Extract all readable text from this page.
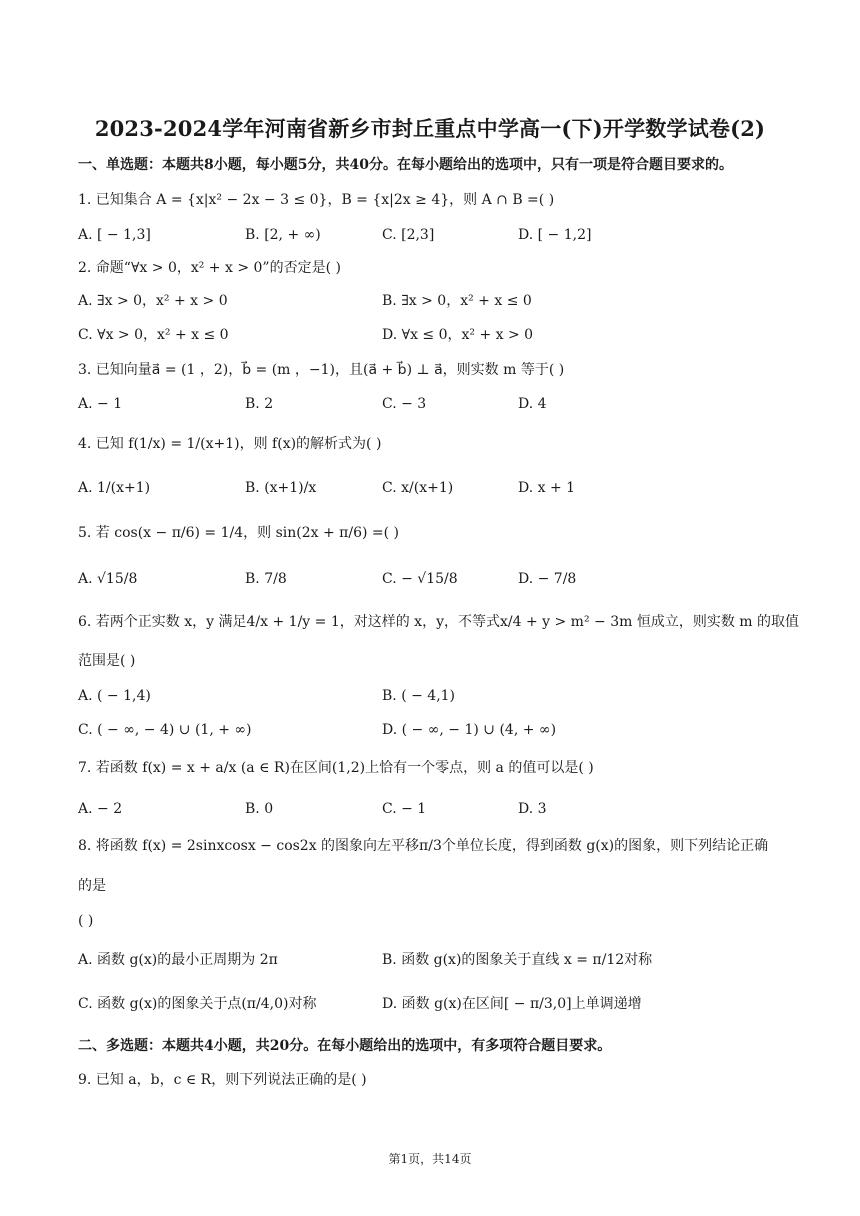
2023-2024学年河南省新乡市封丘重点中学高一(下)开学数学试卷(2)
一、单选题：本题共8小题，每小题5分，共40分。在每小题给出的选项中，只有一项是符合题目要求的。
1. 已知集合 A = {x|x² − 2x − 3 ≤ 0}，B = {x|2x ≥ 4}，则 A ∩ B =( )
A. [ − 1,3]	B. [2, + ∞)	C. [2,3]	D. [ − 1,2]
2. 命题“∀x > 0，x² + x > 0”的否定是( )
A. ∃x > 0，x² + x > 0	B. ∃x > 0，x² + x ≤ 0
C. ∀x > 0，x² + x ≤ 0	D. ∀x ≤ 0，x² + x > 0
3. 已知向量a⃗ = (1 ，2)，b⃗ = (m ，−1)，且(a⃗ + b⃗) ⊥ a⃗，则实数 m 等于( )
A. − 1	B. 2	C. − 3	D. 4
4. 已知 f(1/x) = 1/(x+1)，则 f(x)的解析式为( )
A. 1/(x+1)	B. (x+1)/x	C. x/(x+1)	D. x + 1
5. 若 cos(x − π/6) = 1/4，则 sin(2x + π/6) =( )
A. √15/8	B. 7/8	C. − √15/8	D. − 7/8
6. 若两个正实数 x，y 满足4/x + 1/y = 1，对这样的 x，y，不等式x/4 + y > m² − 3m 恒成立，则实数 m 的取值
范围是( )
A. ( − 1,4)	B. ( − 4,1)
C. ( − ∞, − 4) ∪ (1, + ∞)	D. ( − ∞, − 1) ∪ (4, + ∞)
7. 若函数 f(x) = x + a/x (a ∈ R)在区间(1,2)上恰有一个零点，则 a 的值可以是( )
A. − 2	B. 0	C. − 1	D. 3
8. 将函数 f(x) = 2sinxcosx − cos2x 的图象向左平移π/3个单位长度，得到函数 g(x)的图象，则下列结论正确
的是
( )
A. 函数 g(x)的最小正周期为 2π	B. 函数 g(x)的图象关于直线 x = π/12对称
C. 函数 g(x)的图象关于点(π/4,0)对称	D. 函数 g(x)在区间[ − π/3,0]上单调递增
二、多选题：本题共4小题，共20分。在每小题给出的选项中，有多项符合题目要求。
9. 已知 a，b，c ∈ R，则下列说法正确的是( )
第1页，共14页
